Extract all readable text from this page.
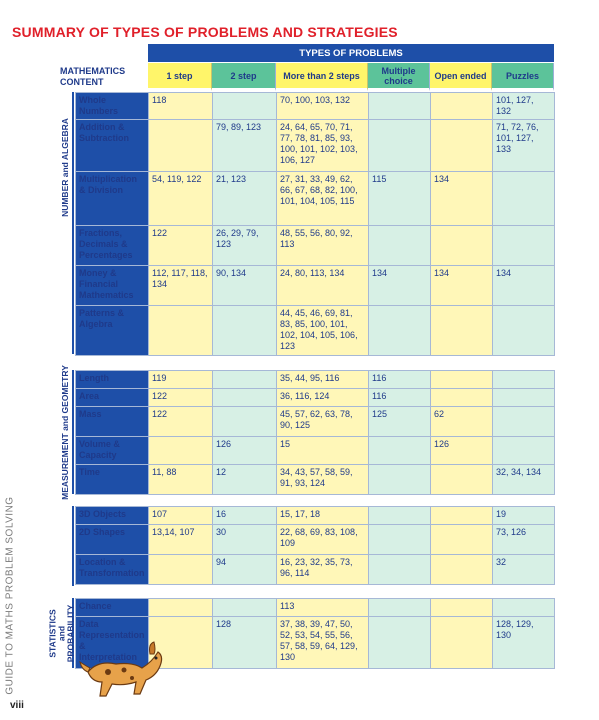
SUMMARY OF TYPES OF PROBLEMS AND STRATEGIES
TYPES OF PROBLEMS
MATHEMATICS
CONTENT
1 step	2 step	More than 2 steps	Multiple choice	Open ended	Puzzles
NUMBER and ALGEBRA
MEASUREMENT and GEOMETRY
STATISTICS and PROBABILITY
Whole Numbers	118		70, 100, 103, 132			101, 127, 132
Addition & Subtraction		79, 89, 123	24, 64, 65, 70, 71, 77, 78, 81, 85, 93, 100, 101, 102, 103, 106, 127			71, 72, 76, 101, 127, 133
Multiplication & Division	54, 119, 122	21, 123	27, 31, 33, 49, 62, 66, 67, 68, 82, 100, 101, 104, 105, 115	115	134	
Fractions, Decimals & Percentages	122	26, 29, 79, 123	48, 55, 56, 80, 92, 113			
Money & Financial Mathematics	112, 117, 118, 134	90, 134	24, 80, 113, 134	134	134	134
Patterns & Algebra			44, 45, 46, 69, 81, 83, 85, 100, 101, 102, 104, 105, 106, 123			
Length	119		35, 44, 95, 116	116		
Area	122		36, 116, 124	116		
Mass	122		45, 57, 62, 63, 78, 90, 125	125	62	
Volume & Capacity		126	15		126	
Time	11, 88	12	34, 43, 57, 58, 59, 91, 93, 124			32, 34, 134
3D Objects	107	16	15, 17, 18			19
2D Shapes	13,14, 107	30	22, 68, 69, 83, 108, 109			73, 126
Location & Transformation		94	16, 23, 32, 35, 73, 96, 114			32
Chance			113			
Data Representation & Interpretation		128	37, 38, 39, 47, 50, 52, 53, 54, 55, 56, 57, 58, 59, 64, 129, 130			128, 129, 130
GUIDE TO MATHS PROBLEM SOLVING
viii
